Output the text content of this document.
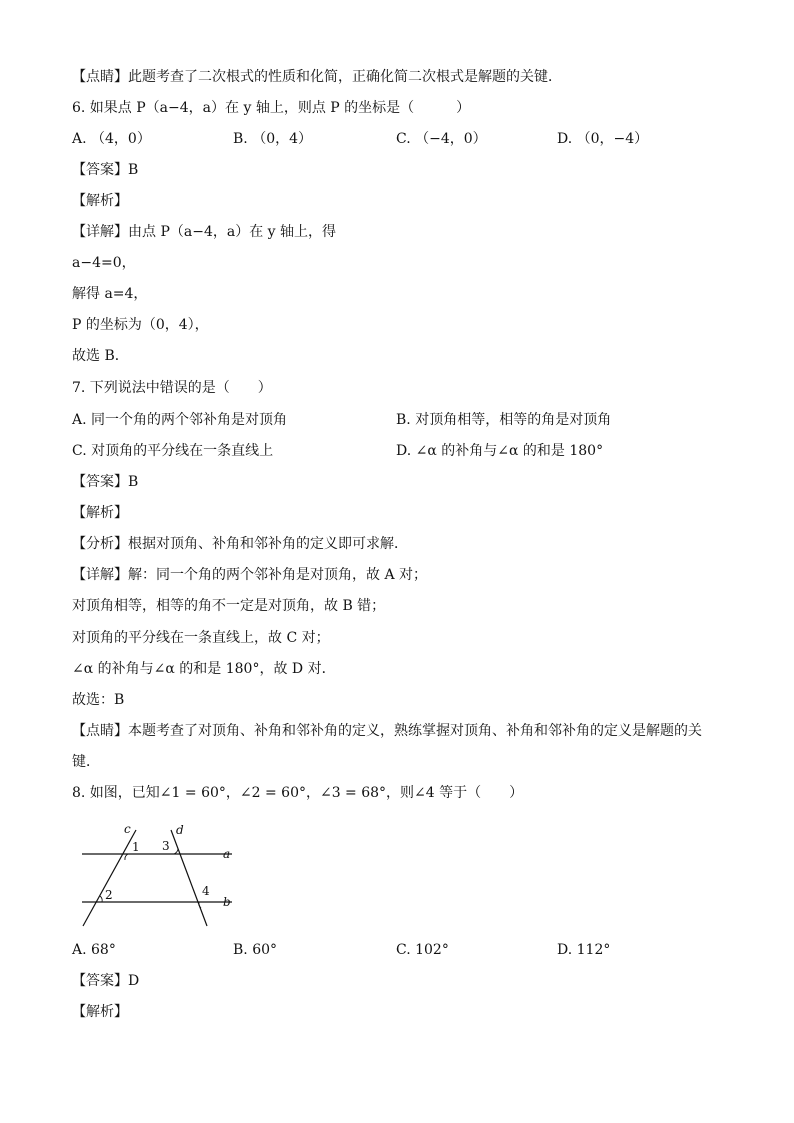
【点睛】此题考查了二次根式的性质和化简，正确化简二次根式是解题的关键．
6. 如果点 P（a−4，a）在 y 轴上，则点 P 的坐标是（　　　）
A. （4，0）	B. （0，4）	C. （−4，0）	D. （0，−4）
【答案】B
【解析】
【详解】由点 P（a−4，a）在 y 轴上，得
a−4=0，
解得 a=4，
P 的坐标为（0，4），
故选 B．
7. 下列说法中错误的是（　　）
A. 同一个角的两个邻补角是对顶角	B. 对顶角相等，相等的角是对顶角
C. 对顶角的平分线在一条直线上	D. ∠α 的补角与∠α 的和是 180°
【答案】B
【解析】
【分析】根据对顶角、补角和邻补角的定义即可求解．
【详解】解：同一个角的两个邻补角是对顶角，故 A 对；
对顶角相等，相等的角不一定是对顶角，故 B 错；
对顶角的平分线在一条直线上，故 C 对；
∠α 的补角与∠α 的和是 180°，故 D 对．
故选：B
【点睛】本题考查了对顶角、补角和邻补角的定义，熟练掌握对顶角、补角和邻补角的定义是解题的关
键．
8. 如图，已知∠1 = 60°，∠2 = 60°，∠3 = 68°，则∠4 等于（　　）
c	d
a
b
1
2
3
4
A. 68°	B. 60°	C. 102°	D. 112°
【答案】D
【解析】
